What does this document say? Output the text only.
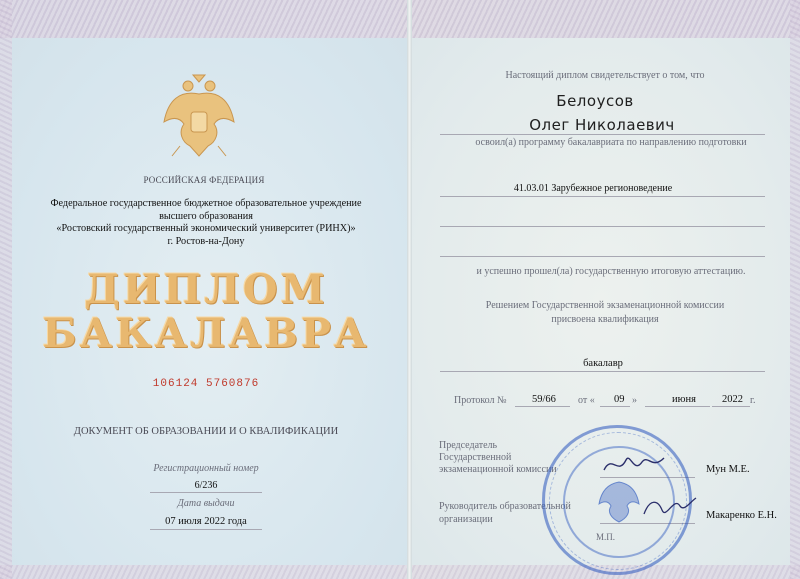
РОССИЙСКАЯ ФЕДЕРАЦИЯ
Федеральное государственное бюджетное образовательное учреждение
высшего образования
«Ростовский государственный экономический университет (РИНХ)»
г. Ростов-на-Дону
ДИПЛОМ
БАКАЛАВРА
106124 5760876
ДОКУМЕНТ ОБ ОБРАЗОВАНИИ И О КВАЛИФИКАЦИИ
Регистрационный номер
6/236
Дата выдачи
07 июля 2022 года
Настоящий диплом свидетельствует о том, что
Белоусов
Олег Николаевич
освоил(а) программу бакалавриата по направлению подготовки
41.03.01 Зарубежное регионоведение
и успешно прошел(ла) государственную итоговую аттестацию.
Решением Государственной экзаменационной комиссии
присвоена квалификация
бакалавр
Протокол № 59/66 от « 09 »	июня 2022 г.
Председатель
Государственной
экзаменационной комиссии	Мун М.Е.
Руководитель образовательной
организации	Макаренко Е.Н.
М.П.
